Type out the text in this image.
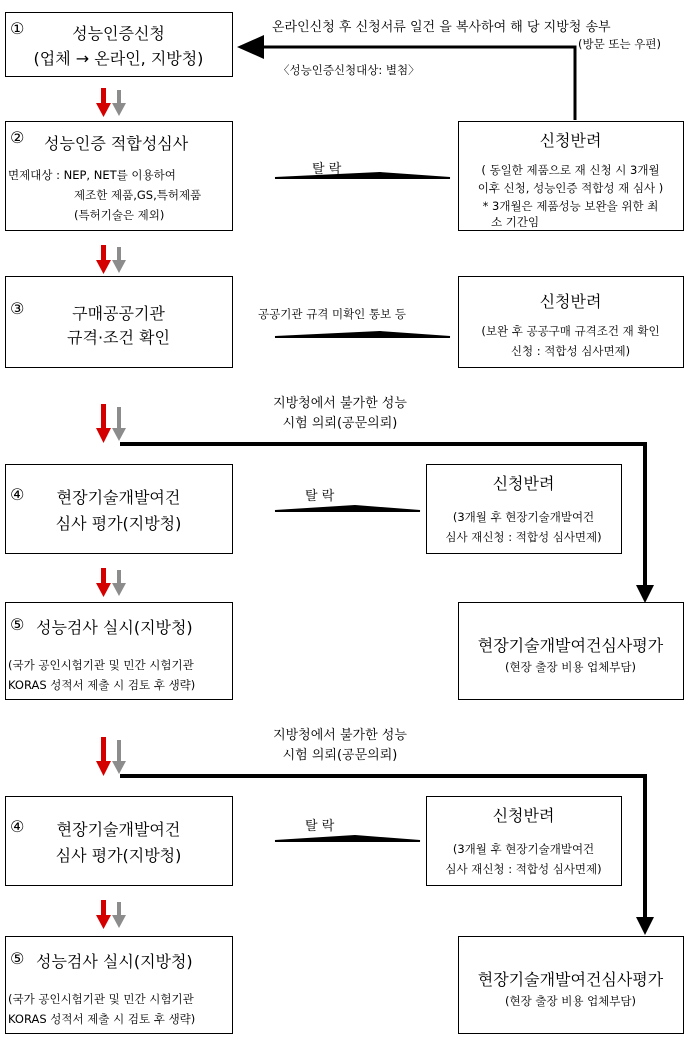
온라인신청 후 신청서류 일건 을 복사하여 해 당 지방청 송부
(방문 또는 우편)
〈성능인증신청대상: 별첨〉
탈 락
공공기관 규격 미확인 통보 등
①	성능인증신청
(업체 → 온라인, 지방청)
② 성능인증 적합성심사
면제대상 : NEP, NET를 이용하여
제조한 제품,GS,특허제품
(특허기술은 제외)
③	구매공공기관
규격·조건 확인
신청반려
( 동일한 제품으로 재 신청 시 3개월
이후 신청, 성능인증 적합성 재 심사 )
* 3개월은 제품성능 보완을 위한 최
소 기간임
신청반려
(보완 후 공공구매 규격조건 재 확인
신청 : 적합성 심사면제)
지방청에서 불가한 성능
시험 의뢰(공문의뢰)
④	현장기술개발여건
심사 평가(지방청)
탈 락
신청반려
(3개월 후 현장기술개발여건
심사 재신청 : 적합성 심사면제)
⑤ 성능검사 실시(지방청)
(국가 공인시험기관 및 민간 시험기관
KORAS 성적서 제출 시 검토 후 생략)
현장기술개발여건심사평가
(현장 출장 비용 업체부담)
지방청에서 불가한 성능
시험 의뢰(공문의뢰)
④	현장기술개발여건
심사 평가(지방청)
탈 락
신청반려
(3개월 후 현장기술개발여건
심사 재신청 : 적합성 심사면제)
⑤ 성능검사 실시(지방청)
(국가 공인시험기관 및 민간 시험기관
KORAS 성적서 제출 시 검토 후 생략)
현장기술개발여건심사평가
(현장 출장 비용 업체부담)
